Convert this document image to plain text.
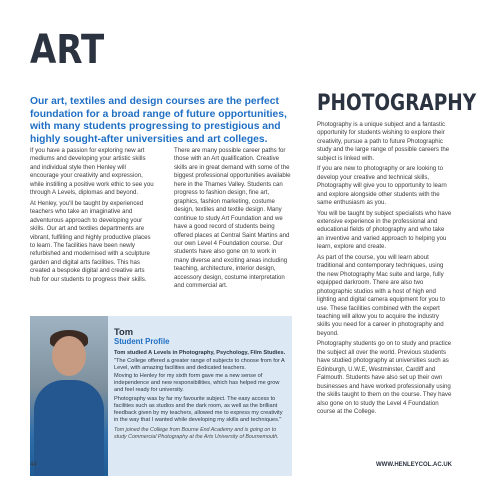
ART
Our art, textiles and design courses are the perfect foundation for a broad range of future opportunities, with many students progressing to prestigious and highly sought-after universities and art colleges.

If you have a passion for exploring new art mediums and developing your artistic skills and individual style then Henley will encourage your creativity and expression, while instilling a positive work ethic to see you through A Levels, diplomas and beyond.

At Henley, you'll be taught by experienced teachers who take an imaginative and adventurous approach to developing your skills. Our art and textiles departments are vibrant, fulfilling and highly productive places to learn. The facilities have been newly refurbished and modernised with a sculpture garden and digital arts facilities. This has created a bespoke digital and creative arts hub for our students to progress their skills.

There are many possible career paths for those with an Art qualification. Creative skills are in great demand with some of the biggest professional opportunities available here in the Thames Valley. Students can progress to fashion design, fine art, graphics, fashion marketing, costume design, textiles and textile design. Many continue to study Art Foundation and we have a good record of students being offered places at Central Saint Martins and our own Level 4 Foundation course. Our students have also gone on to work in many diverse and exciting areas including teaching, architecture, interior design, accessory design, costume interpretation and commercial art.

PHOTOGRAPHY

Photography is a unique subject and a fantastic opportunity for students wishing to explore their creativity, pursue a path to future Photographic study and the large range of possible careers the subject is linked with.

If you are new to photography or are looking to develop your creative and technical skills, Photography will give you to opportunity to learn and explore alongside other students with the same enthusiasm as you.

You will be taught by subject specialists who have extensive experience in the professional and educational fields of photography and who take an inventive and varied approach to helping you learn, explore and create.

As part of the course, you will learn about traditional and contemporary techniques, using the new Photography Mac suite and large, fully equipped darkroom. There are also two photographic studios with a host of high end lighting and digital camera equipment for you to use. These facilities combined with the expert teaching will allow you to acquire the industry skills you need for a career in photography and beyond.

Photography students go on to study and practice the subject all over the world. Previous students have studied photography at universities such as Edinburgh, U.W.E, Westminster, Cardiff and Falmouth. Students have also set up their own businesses and have worked professionally using the skills taught to them on the course. They have also gone on to study the Level 4 Foundation course at the College.

Tom
Student Profile
Tom studied A Levels in Photography, Psychology, Film Studies.
"The College offered a greater range of subjects to choose from for A Level, with amazing facilities and dedicated teachers.
Moving to Henley for my sixth form gave me a new sense of independence and new responsibilities, which has helped me grow and feel ready for university.
Photography was by far my favourite subject. The easy access to facilities such as studios and the dark room, as well as the brilliant feedback given by my teachers, allowed me to express my creativity in the way that I wanted while developing my skills and techniques."
Tom joined the College from Bourne End Academy and is going on to study Commercial Photography at the Arts University of Bournemouth.
44	WWW.HENLEYCOL.AC.UK
